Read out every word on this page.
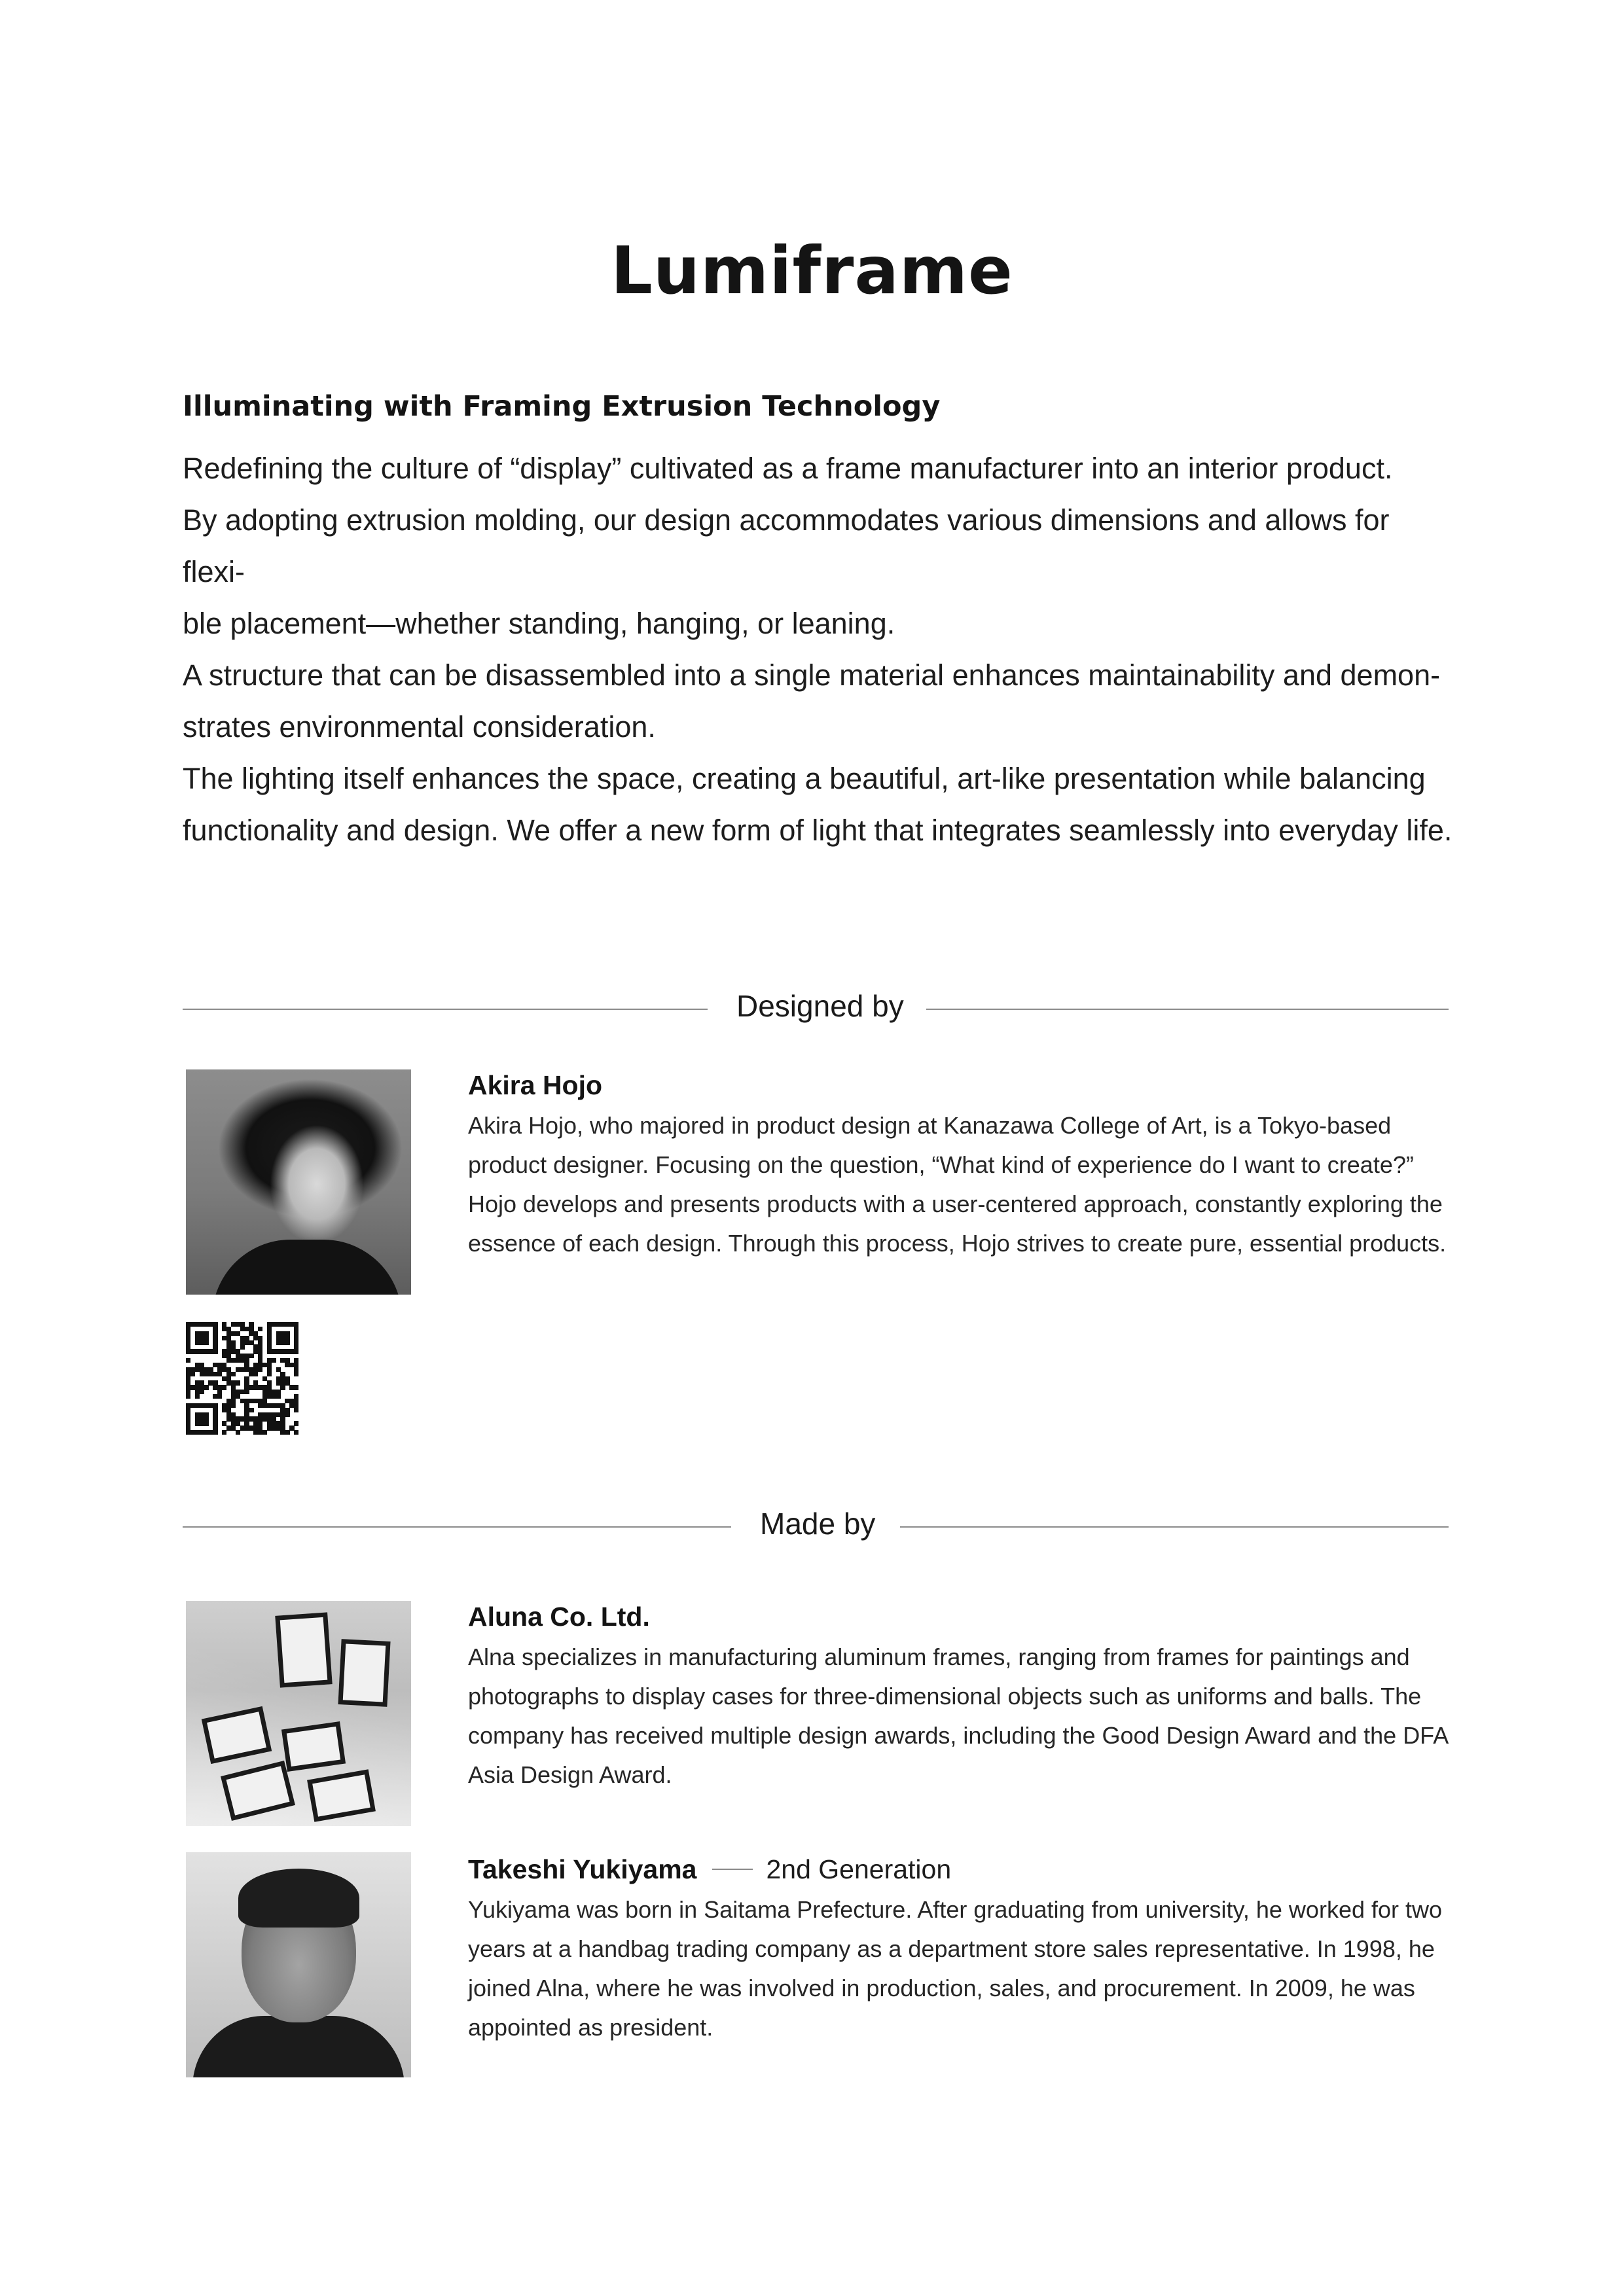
Lumiframe
Illuminating with Framing Extrusion Technology

Redefining the culture of “display” cultivated as a frame manufacturer into an interior product.

By adopting extrusion molding, our design accommodates various dimensions and allows for flexi-

ble placement—whether standing, hanging, or leaning.

A structure that can be disassembled into a single material enhances maintainability and demon-

strates environmental consideration.

The lighting itself enhances the space, creating a beautiful, art-like presentation while balancing

functionality and design. We offer a new form of light that integrates seamlessly into everyday life.

Designed by
Akira Hojo
Akira Hojo, who majored in product design at Kanazawa College of Art, is a Tokyo-based product designer. Focusing on the question, “What kind of experience do I want to create?” Hojo develops and presents products with a user-centered approach, constantly exploring the essence of each design. Through this process, Hojo strives to create pure, essential products.
Made by
Aluna Co. Ltd.
Alna specializes in manufacturing aluminum frames, ranging from frames for paintings and photographs to display cases for three-dimensional objects such as uniforms and balls. The company has received multiple design awards, including the Good Design Award and the DFA Asia Design Award.
Takeshi Yukiyama	2nd Generation
Yukiyama was born in Saitama Prefecture. After graduating from university, he worked for two years at a handbag trading company as a department store sales representative. In 1998, he joined Alna, where he was involved in production, sales, and procurement. In 2009, he was appointed as president.
